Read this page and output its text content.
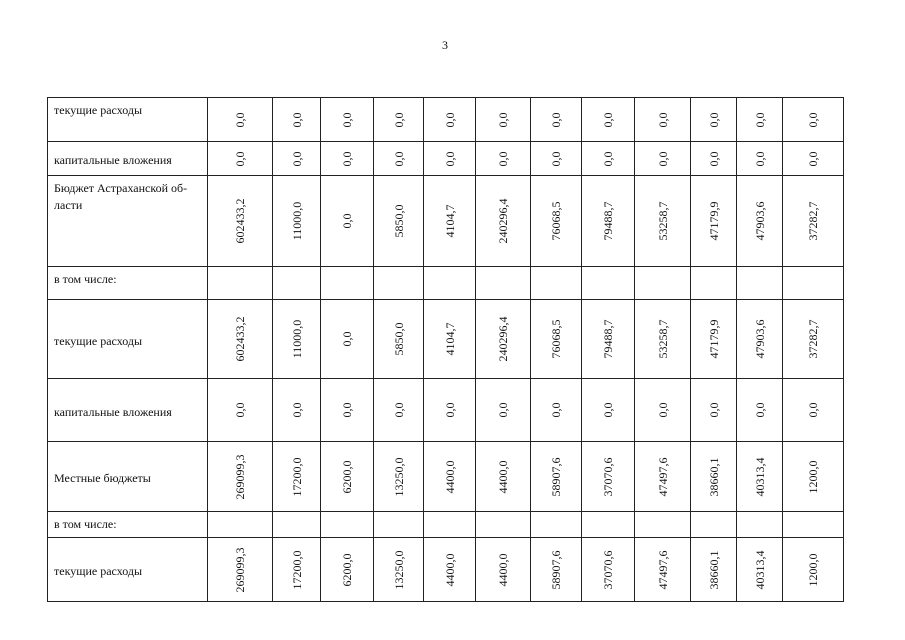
3
текущие расходы	0,0	0,0	0,0	0,0	0,0	0,0	0,0	0,0	0,0	0,0	0,0	0,0

капитальные вложения	0,0	0,0	0,0	0,0	0,0	0,0	0,0	0,0	0,0	0,0	0,0	0,0

Бюджет Астраханской об-ласти	602433,2	11000,0	0,0	5850,0	4104,7	240296,4	76068,5	79488,7	53258,7	47179,9	47903,6	37282,7

в том числе:	

текущие расходы	602433,2	11000,0	0,0	5850,0	4104,7	240296,4	76068,5	79488,7	53258,7	47179,9	47903,6	37282,7

капитальные вложения	0,0	0,0	0,0	0,0	0,0	0,0	0,0	0,0	0,0	0,0	0,0	0,0

Местные бюджеты	269099,3	17200,0	6200,0	13250,0	4400,0	4400,0	58907,6	37070,6	47497,6	38660,1	40313,4	1200,0

в том числе:	

текущие расходы	269099,3	17200,0	6200,0	13250,0	4400,0	4400,0	58907,6	37070,6	47497,6	38660,1	40313,4	1200,0
